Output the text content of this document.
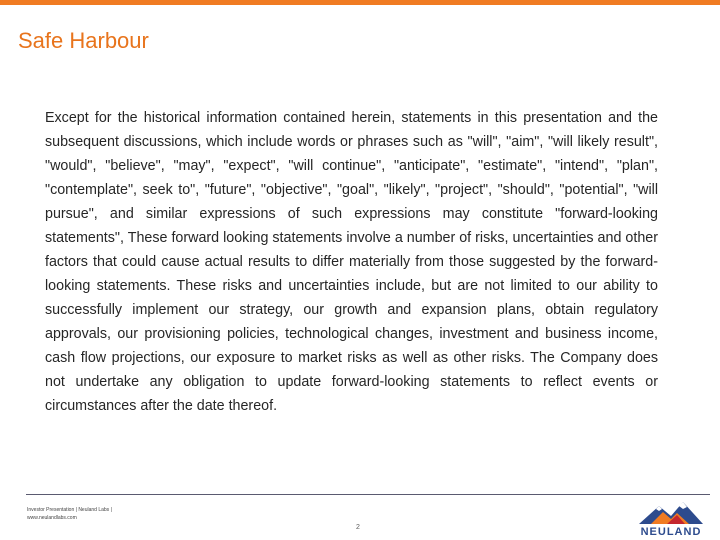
Safe Harbour

Except for the historical information contained herein, statements in this presentation and the subsequent discussions, which include words or phrases such as "will", "aim", "will likely result", "would", "believe", "may", "expect", "will continue", "anticipate", "estimate", "intend", "plan", "contemplate", seek to", "future", "objective", "goal", "likely", "project", "should", "potential", "will pursue", and similar expressions of such expressions may constitute "forward-looking statements", These forward looking statements involve a number of risks, uncertainties and other factors that could cause actual results to differ materially from those suggested by the forward-looking statements. These risks and uncertainties include, but are not limited to our ability to successfully implement our strategy, our growth and expansion plans, obtain regulatory approvals, our provisioning policies, technological changes, investment and business income, cash flow projections, our exposure to market risks as well as other risks. The Company does not undertake any obligation to update forward-looking statements to reflect events or circumstances after the date thereof.

Investor Presentation | Neuland Labs |
www.neulandlabs.com
2	NEULAND
